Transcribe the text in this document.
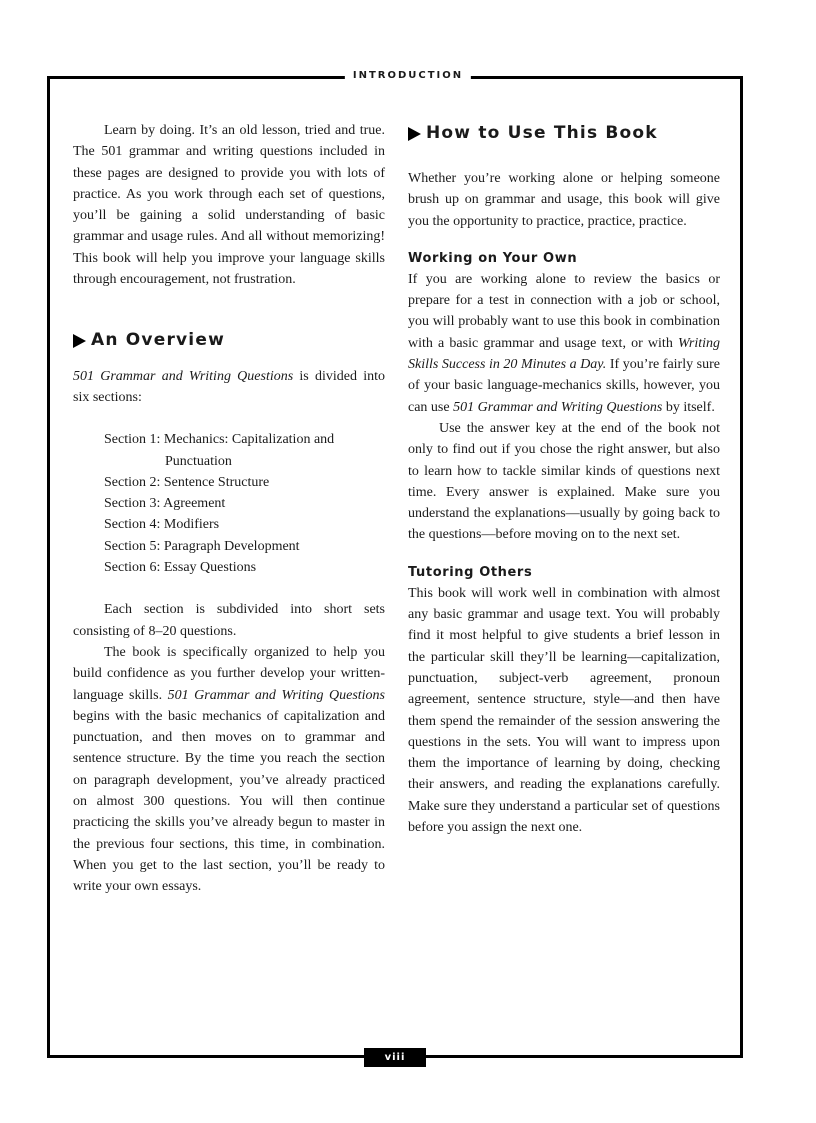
INTRODUCTION

Learn by doing. It’s an old lesson, tried and true. The 501 grammar and writing questions included in these pages are designed to provide you with lots of practice. As you work through each set of questions, you’ll be gaining a solid understanding of basic grammar and usage rules. And all without memorizing! This book will help you improve your language skills through encouragement, not frustration.

An Overview

501 Grammar and Writing Questions is divided into six sections:

Section 1: Mechanics: Capitalization and
Punctuation
Section 2: Sentence Structure
Section 3: Agreement
Section 4: Modifiers
Section 5: Paragraph Development
Section 6: Essay Questions

Each section is subdivided into short sets consisting of 8–20 questions.

The book is specifically organized to help you build confidence as you further develop your written-language skills. 501 Grammar and Writing Questions begins with the basic mechanics of capitalization and punctuation, and then moves on to grammar and sentence structure. By the time you reach the section on paragraph development, you’ve already practiced on almost 300 questions. You will then continue practicing the skills you’ve already begun to master in the previous four sections, this time, in combination. When you get to the last section, you’ll be ready to write your own essays.

How to Use This Book

Whether you’re working alone or helping someone brush up on grammar and usage, this book will give you the opportunity to practice, practice, practice.

Working on Your Own

If you are working alone to review the basics or prepare for a test in connection with a job or school, you will probably want to use this book in combination with a basic grammar and usage text, or with Writing Skills Success in 20 Minutes a Day. If you’re fairly sure of your basic language-mechanics skills, however, you can use 501 Grammar and Writing Questions by itself.

Use the answer key at the end of the book not only to find out if you chose the right answer, but also to learn how to tackle similar kinds of questions next time. Every answer is explained. Make sure you understand the explanations—usually by going back to the questions—before moving on to the next set.

Tutoring Others

This book will work well in combination with almost any basic grammar and usage text. You will probably find it most helpful to give students a brief lesson in the particular skill they’ll be learning—capitalization, punctuation, subject-verb agreement, pronoun agreement, sentence structure, style—and then have them spend the remainder of the session answering the questions in the sets. You will want to impress upon them the importance of learning by doing, checking their answers, and reading the explanations carefully. Make sure they understand a particular set of questions before you assign the next one.

viii
